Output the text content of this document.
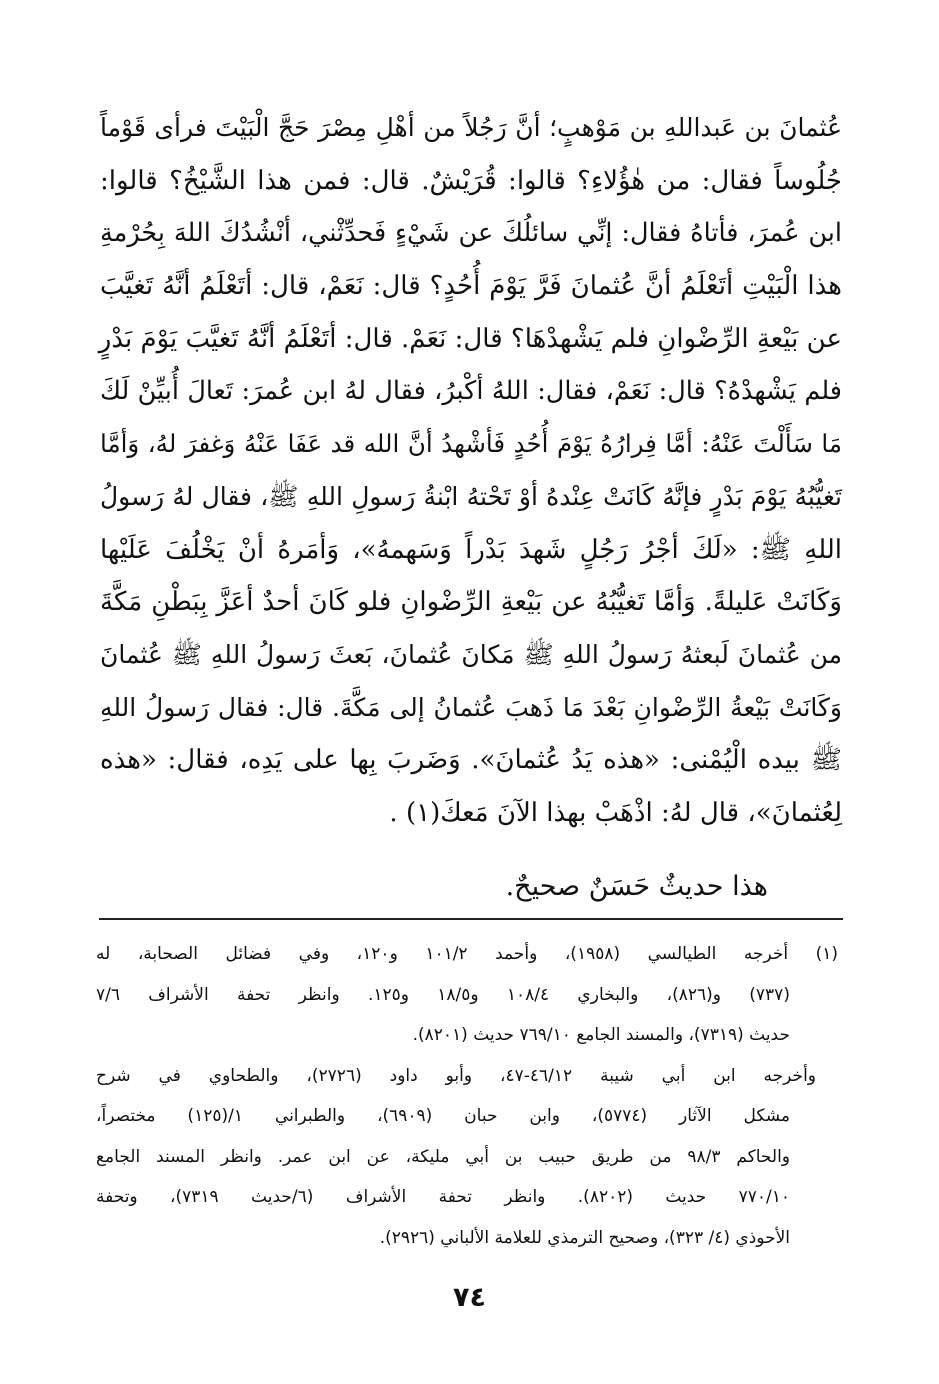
عُثمانَ بن عَبداللهِ بن مَوْهبٍ؛ أنَّ رَجُلاً من أهْلِ مِصْرَ حَجَّ الْبَيْتَ فرأى قَوْماً
جُلُوساً فقال: من هٰؤُلاءِ؟ قالوا: قُرَيْشٌ. قال: فمن هذا الشَّيْخُ؟ قالوا:
ابن عُمرَ، فأتاهُ فقال: إنِّي سائلُكَ عن شَيْءٍ فَحدِّثْني، أنْشُدُكَ اللهَ بِحُرْمةِ
هذا الْبَيْتِ أتَعْلَمُ أنَّ عُثمانَ فَرَّ يَوْمَ أُحُدٍ؟ قال: نَعَمْ، قال: أتَعْلَمُ أنَّهُ تَغيَّبَ
عن بَيْعةِ الرِّضْوانِ فلم يَشْهدْهَا؟ قال: نَعَمْ. قال: أتَعْلَمُ أنَّهُ تَغيَّبَ يَوْمَ بَدْرٍ
فلم يَشْهدْهُ؟ قال: نَعَمْ، فقال: اللهُ أكْبرُ، فقال لهُ ابن عُمرَ: تَعالَ أُبيِّنْ لَكَ
مَا سَأَلْتَ عَنْهُ: أمَّا فِرارُهُ يَوْمَ أُحُدٍ فَأشْهدُ أنَّ الله قد عَفَا عَنْهُ وَغفرَ لهُ، وَأمَّا
تَغيُّبُهُ يَوْمَ بَدْرٍ فإنَّهُ كَانَتْ عِنْدهُ أوْ تَحْتهُ ابْنةُ رَسولِ اللهِ ﷺ، فقال لهُ رَسولُ
اللهِ ﷺ: «لَكَ أجْرُ رَجُلٍ شَهدَ بَدْراً وَسَهمهُ»، وَأمَرهُ أنْ يَخْلُفَ عَلَيْها
وَكَانَتْ عَليلةً. وَأمَّا تَغيُّبُهُ عن بَيْعةِ الرِّضْوانِ فلو كَانَ أحدٌ أعَزَّ بِبَطْنِ مَكَّةَ
من عُثمانَ لَبعثهُ رَسولُ اللهِ ﷺ مَكانَ عُثمانَ، بَعثَ رَسولُ اللهِ ﷺ عُثمانَ
وَكَانَتْ بَيْعةُ الرِّضْوانِ بَعْدَ مَا ذَهبَ عُثمانُ إلى مَكَّةَ. قال: فقال رَسولُ اللهِ
ﷺ بيده الْيُمْنى: «هذه يَدُ عُثمانَ». وَضَربَ بِها على يَدِه، فقال: «هذه
لِعُثمانَ»، قال لهُ: اذْهَبْ بهذا الآنَ مَعكَ(١) .
هذا حديثٌ حَسَنٌ صحيحٌ.
(١) أخرجه الطيالسي (١٩٥٨)، وأحمد ١٠١/٢ و١٢٠، وفي فضائل الصحابة، له
(٧٣٧) و(٨٢٦)، والبخاري ١٠٨/٤ و١٨/٥ و١٢٥. وانظر تحفة الأشراف ٧/٦
حديث (٧٣١٩)، والمسند الجامع ٧٦٩/١٠ حديث (٨٢٠١).
وأخرجه ابن أبي شيبة ٤٦/١٢-٤٧، وأبو داود (٢٧٢٦)، والطحاوي في شرح
مشكل الآثار (٥٧٧٤)، وابن حبان (٦٩٠٩)، والطبراني ١/(١٢٥) مختصراً،
والحاكم ٩٨/٣ من طريق حبيب بن أبي مليكة، عن ابن عمر. وانظر المسند الجامع
٧٧٠/١٠ حديث (٨٢٠٢). وانظر تحفة الأشراف (٦/حديث ٧٣١٩)، وتحفة
الأحوذي (٤/ ٣٢٣)، وصحيح الترمذي للعلامة الألباني (٢٩٢٦).
٧٤
